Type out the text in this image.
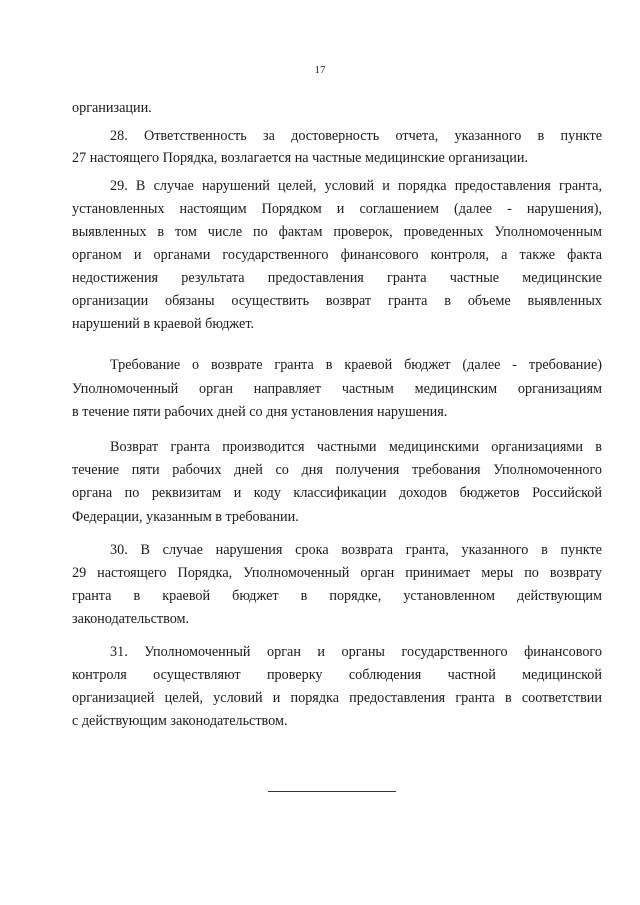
17
организации.
28. Ответственность за достоверность отчета, указанного в пункте
27 настоящего Порядка, возлагается на частные медицинские организации.
29. В случае нарушений целей, условий и порядка предоставления гранта,
установленных настоящим Порядком и соглашением (далее - нарушения),
выявленных в том числе по фактам проверок, проведенных Уполномоченным
органом и органами государственного финансового контроля, а также факта
недостижения результата предоставления гранта частные медицинские
организации обязаны осуществить возврат гранта в объеме выявленных
нарушений в краевой бюджет.
Требование о возврате гранта в краевой бюджет (далее - требование)
Уполномоченный орган направляет частным медицинским организациям
в течение пяти рабочих дней со дня установления нарушения.
Возврат гранта производится частными медицинскими организациями в
течение пяти рабочих дней со дня получения требования Уполномоченного
органа по реквизитам и коду классификации доходов бюджетов Российской
Федерации, указанным в требовании.
30. В случае нарушения срока возврата гранта, указанного в пункте
29 настоящего Порядка, Уполномоченный орган принимает меры по возврату
гранта в краевой бюджет в порядке, установленном действующим
законодательством.
31. Уполномоченный орган и органы государственного финансового
контроля осуществляют проверку соблюдения частной медицинской
организацией целей, условий и порядка предоставления гранта в соответствии
с действующим законодательством.
